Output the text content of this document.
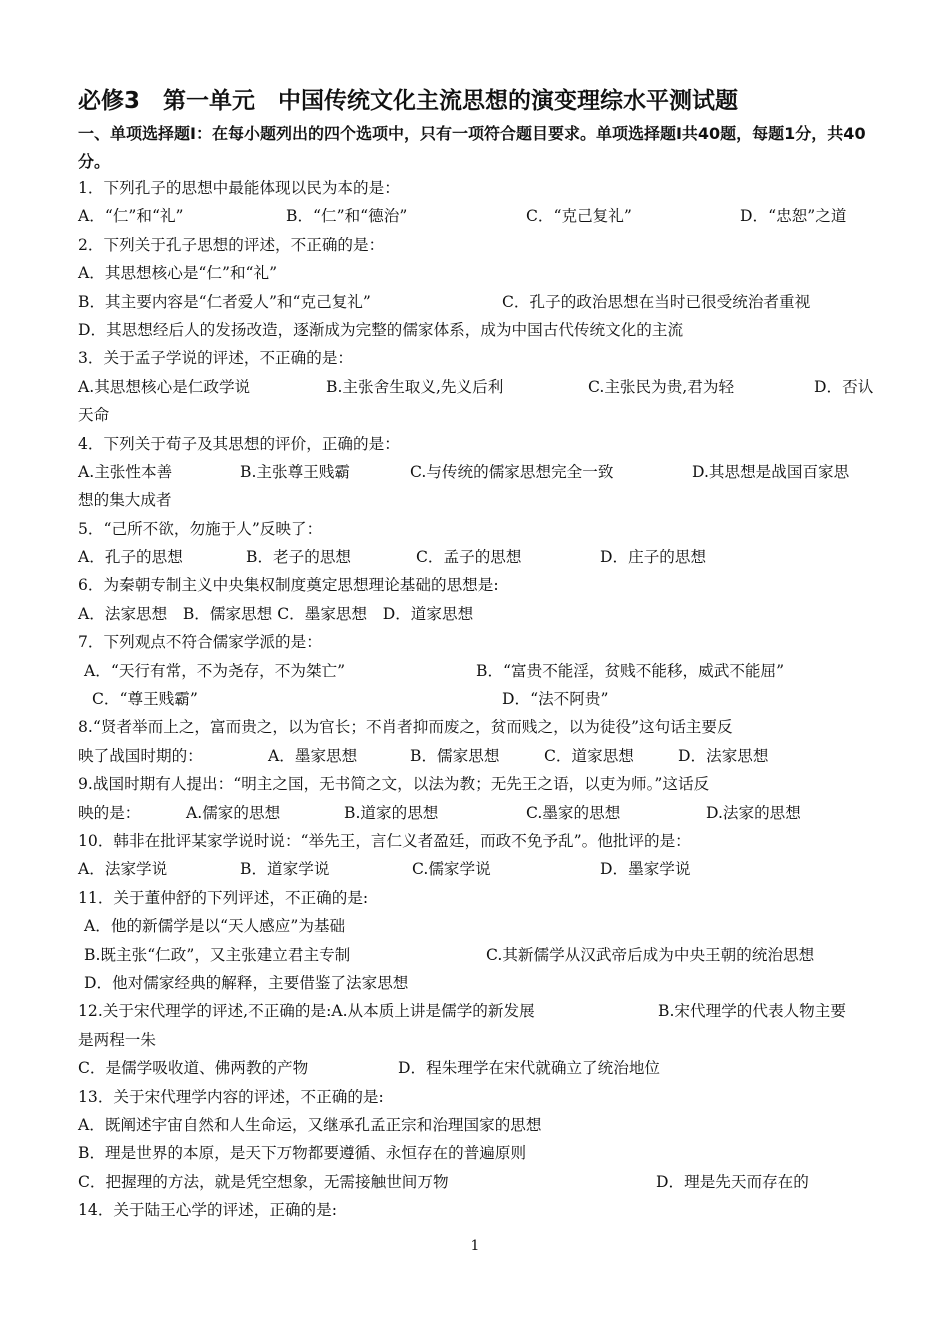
必修3　第一单元　中国传统文化主流思想的演变理综水平测试题
一、单项选择题Ⅰ：在每小题列出的四个选项中，只有一项符合题目要求。单项选择题Ⅰ共40题，每题1分，共40分。
1．下列孔子的思想中最能体现以民为本的是：
A．“仁”和“礼”	B．“仁”和“德治”	C．“克己复礼”	D．“忠恕”之道
2．下列关于孔子思想的评述，不正确的是：
A．其思想核心是“仁”和“礼”
B．其主要内容是“仁者爱人”和“克己复礼”	C．孔子的政治思想在当时已很受统治者重视
D．其思想经后人的发扬改造，逐渐成为完整的儒家体系，成为中国古代传统文化的主流
3．关于孟子学说的评述，不正确的是：
A.其思想核心是仁政学说	B.主张舍生取义,先义后利	C.主张民为贵,君为轻	D．否认
天命
4．下列关于荀子及其思想的评价，正确的是：
A.主张性本善	B.主张尊王贱霸	C.与传统的儒家思想完全一致	D.其思想是战国百家思
想的集大成者
5．“己所不欲，勿施于人”反映了：
A．孔子的思想	B．老子的思想	C．孟子的思想	D．庄子的思想
6．为秦朝专制主义中央集权制度奠定思想理论基础的思想是:
A．法家思想　B．儒家思想 C．墨家思想　D．道家思想
7．下列观点不符合儒家学派的是：
A．“天行有常，不为尧存，不为桀亡”	B．“富贵不能淫，贫贱不能移，威武不能屈”
C．“尊王贱霸”	D．“法不阿贵”
8.“贤者举而上之，富而贵之，以为官长；不肖者抑而废之，贫而贱之，以为徒役”这句话主要反
映了战国时期的：	A．墨家思想	B．儒家思想	C．道家思想	D．法家思想
9.战国时期有人提出：“明主之国，无书简之文，以法为教；无先王之语，以吏为师。”这话反
映的是：	A.儒家的思想	B.道家的思想	C.墨家的思想	D.法家的思想
10．韩非在批评某家学说时说：“举先王，言仁义者盈廷，而政不免予乱”。他批评的是：
A．法家学说	B．道家学说	C.儒家学说	D．墨家学说
11．关于董仲舒的下列评述，不正确的是:
A．他的新儒学是以“天人感应”为基础
B.既主张“仁政”，又主张建立君主专制	C.其新儒学从汉武帝后成为中央王朝的统治思想
D．他对儒家经典的解释，主要借鉴了法家思想
12.关于宋代理学的评述,不正确的是:A.从本质上讲是儒学的新发展	B.宋代理学的代表人物主要
是两程一朱
C．是儒学吸收道、佛两教的产物	D．程朱理学在宋代就确立了统治地位
13．关于宋代理学内容的评述，不正确的是:
A．既阐述宇宙自然和人生命运，又继承孔孟正宗和治理国家的思想
B．理是世界的本原，是天下万物都要遵循、永恒存在的普遍原则
C．把握理的方法，就是凭空想象，无需接触世间万物	D．理是先天而存在的
14．关于陆王心学的评述，正确的是:
1
